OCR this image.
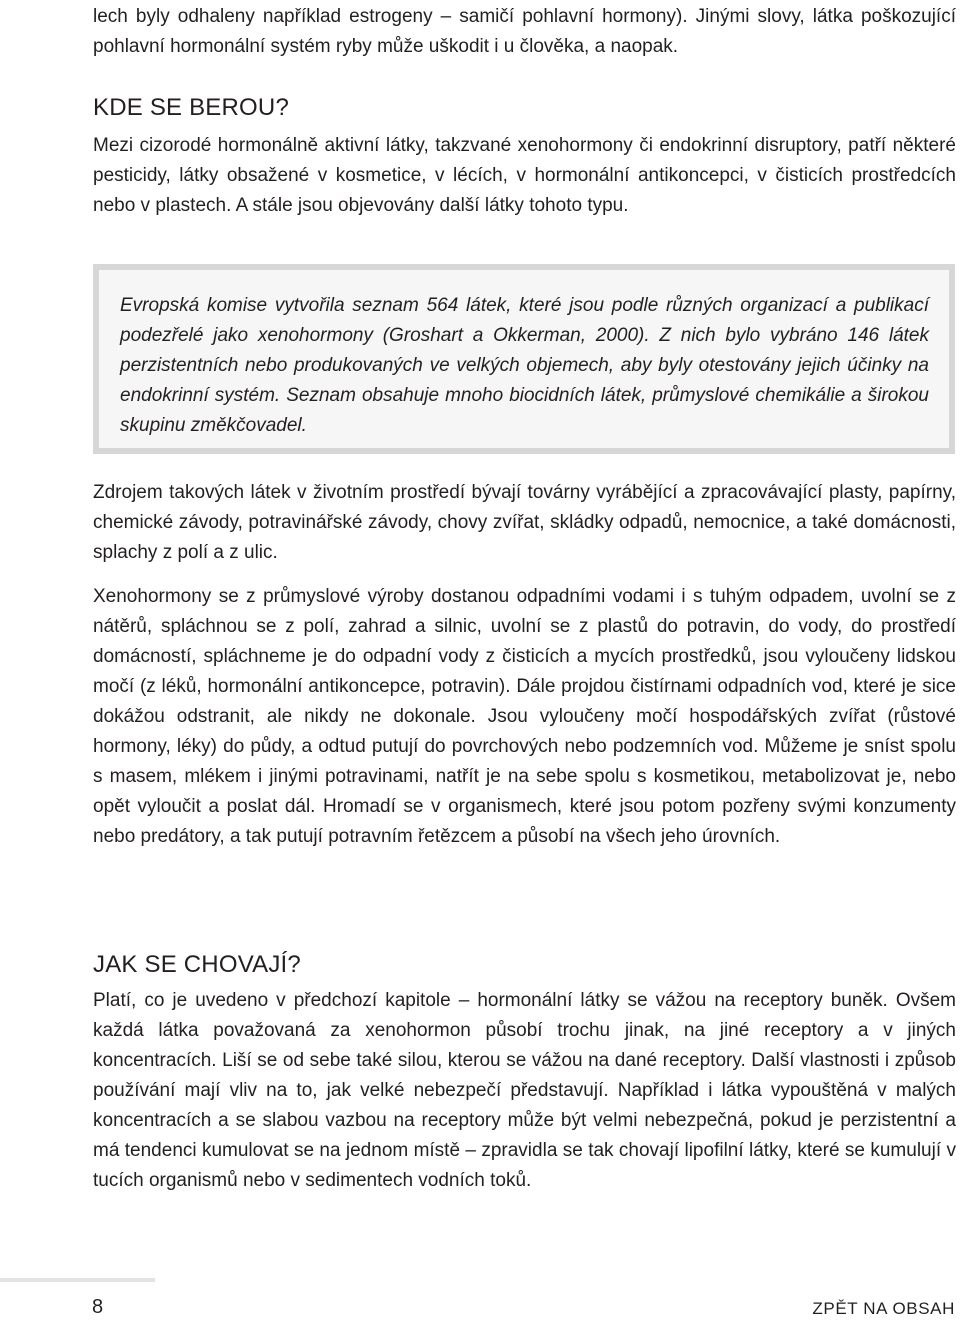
lech byly odhaleny například estrogeny – samičí pohlavní hormony). Jinými slovy, látka poškozující pohlavní hormonální systém ryby může uškodit i u člověka, a naopak.

KDE SE BEROU?

Mezi cizorodé hormonálně aktivní látky, takzvané xenohormony či endokrinní disruptory, patří některé pesticidy, látky obsažené v kosmetice, v lécích, v hormonální antikoncepci, v čisticích prostředcích nebo v plastech. A stále jsou objevovány další látky tohoto typu.

Zdrojem takových látek v životním prostředí bývají továrny vyrábějící a zpracovávající plasty, papírny, chemické závody, potravinářské závody, chovy zvířat, skládky odpadů, nemocnice, a také domácnosti, splachy z polí a z ulic.

Xenohormony se z průmyslové výroby dostanou odpadními vodami i s tuhým odpadem, uvolní se z nátěrů, spláchnou se z polí, zahrad a silnic, uvolní se z plastů do potravin, do vody, do prostředí domácností, spláchneme je do odpadní vody z čisticích a mycích prostředků, jsou vyloučeny lidskou močí (z léků, hormonální antikoncepce, potravin). Dále projdou čistírnami odpadních vod, které je sice dokážou odstranit, ale nikdy ne dokonale. Jsou vyloučeny močí hospodářských zvířat (růstové hormony, léky) do půdy, a odtud putují do povrchových nebo podzemních vod. Můžeme je sníst spolu s masem, mlékem i jinými potravinami, natřít je na sebe spolu s kosmetikou, metabolizovat je, nebo opět vyloučit a poslat dál. Hromadí se v organismech, které jsou potom pozřeny svými konzumenty nebo predátory, a tak putují potravním řetězcem a působí na všech jeho úrovních.

JAK SE CHOVAJÍ?

Platí, co je uvedeno v předchozí kapitole – hormonální látky se vážou na receptory buněk. Ovšem každá látka považovaná za xenohormon působí trochu jinak, na jiné receptory a v jiných koncentracích. Liší se od sebe také silou, kterou se vážou na dané receptory. Další vlastnosti i způsob používání mají vliv na to, jak velké nebezpečí představují. Například i látka vypouštěná v malých koncentracích a se slabou vazbou na receptory může být velmi nebezpečná, pokud je perzistentní a má tendenci kumulovat se na jednom místě – zpravidla se tak chovají lipofilní látky, které se kumulují v tucích organismů nebo v sedimentech vodních toků.

Evropská komise vytvořila seznam 564 látek, které jsou podle různých organizací a publikací podezřelé jako xenohormony (Groshart a Okkerman, 2000). Z nich bylo vybráno 146 látek perzistentních nebo produkovaných ve velkých objemech, aby byly otestovány jejich účinky na endokrinní systém. Seznam obsahuje mnoho biocidních látek, průmyslové chemikálie a širokou skupinu změkčovadel.

8	ZPĚT NA OBSAH
